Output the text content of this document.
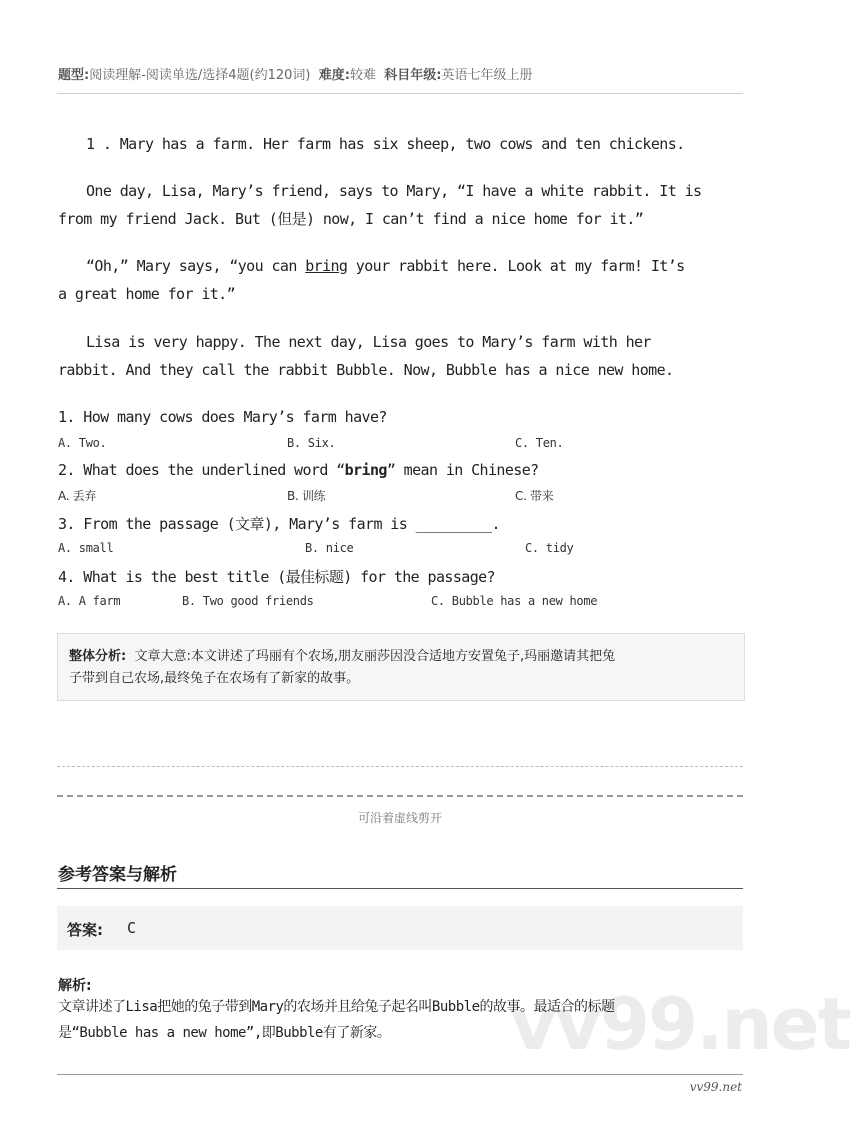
题型:阅读理解-阅读单选/选择4题(约120词) 难度:较难 科目年级:英语七年级上册
1 . Mary has a farm. Her farm has six sheep, two cows and ten chickens.
One day, Lisa, Mary’s friend, says to Mary, “I have a white rabbit. It is
from my friend Jack. But (但是) now, I can’t find a nice home for it.”
“Oh,” Mary says, “you can bring your rabbit here. Look at my farm! It’s
a great home for it.”
Lisa is very happy. The next day, Lisa goes to Mary’s farm with her
rabbit. And they call the rabbit Bubble. Now, Bubble has a nice new home.
1. How many cows does Mary’s farm have?
A. Two.	B. Six.	C. Ten.
2. What does the underlined word “bring” mean in Chinese?
A. 丢弃	B. 训练	C. 带来
3. From the passage (文章), Mary’s farm is _________.
A. small	B. nice	C. tidy
4. What is the best title (最佳标题) for the passage?
A. A farm	B. Two good friends	C. Bubble has a new home
整体分析: 文章大意:本文讲述了玛丽有个农场,朋友丽莎因没合适地方安置兔子,玛丽邀请其把兔
子带到自己农场,最终兔子在农场有了新家的故事。
可沿着虚线剪开
参考答案与解析
答案: C
vv99.net
解析:
文章讲述了Lisa把她的兔子带到Mary的农场并且给兔子起名叫Bubble的故事。最适合的标题
是“Bubble has a new home”,即Bubble有了新家。
vv99.net
